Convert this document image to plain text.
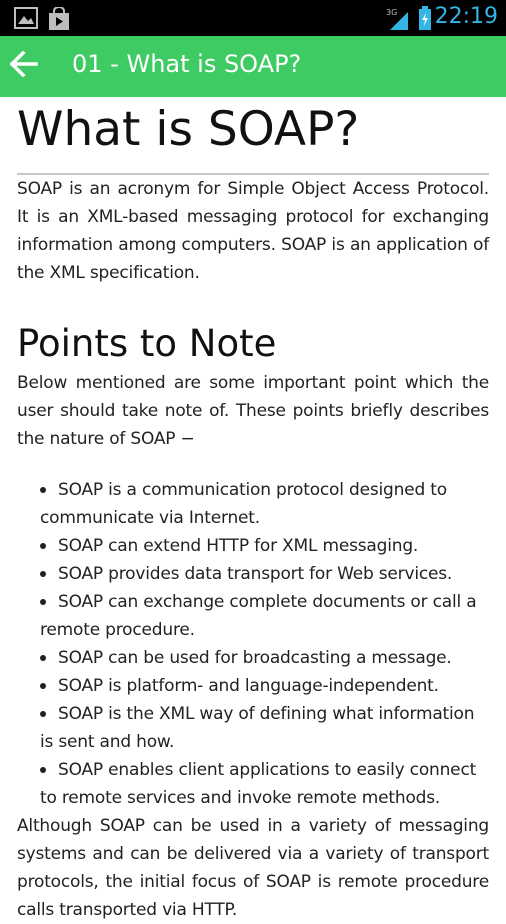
3G 22:19
01 - What is SOAP?
What is SOAP?

SOAP is an acronym for Simple Object Access Protocol. It is an XML-based messaging protocol for exchanging information among computers. SOAP is an application of the XML specification.

Points to Note

Below mentioned are some important point which the user should take note of. These points briefly describes the nature of SOAP −

SOAP is a communication protocol designed to communicate via Internet.
SOAP can extend HTTP for XML messaging.
SOAP provides data transport for Web services.
SOAP can exchange complete documents or call a remote procedure.
SOAP can be used for broadcasting a message.
SOAP is platform- and language-independent.
SOAP is the XML way of defining what information is sent and how.
SOAP enables client applications to easily connect to remote services and invoke remote methods.

Although SOAP can be used in a variety of messaging systems and can be delivered via a variety of transport protocols, the initial focus of SOAP is remote procedure calls transported via HTTP.
